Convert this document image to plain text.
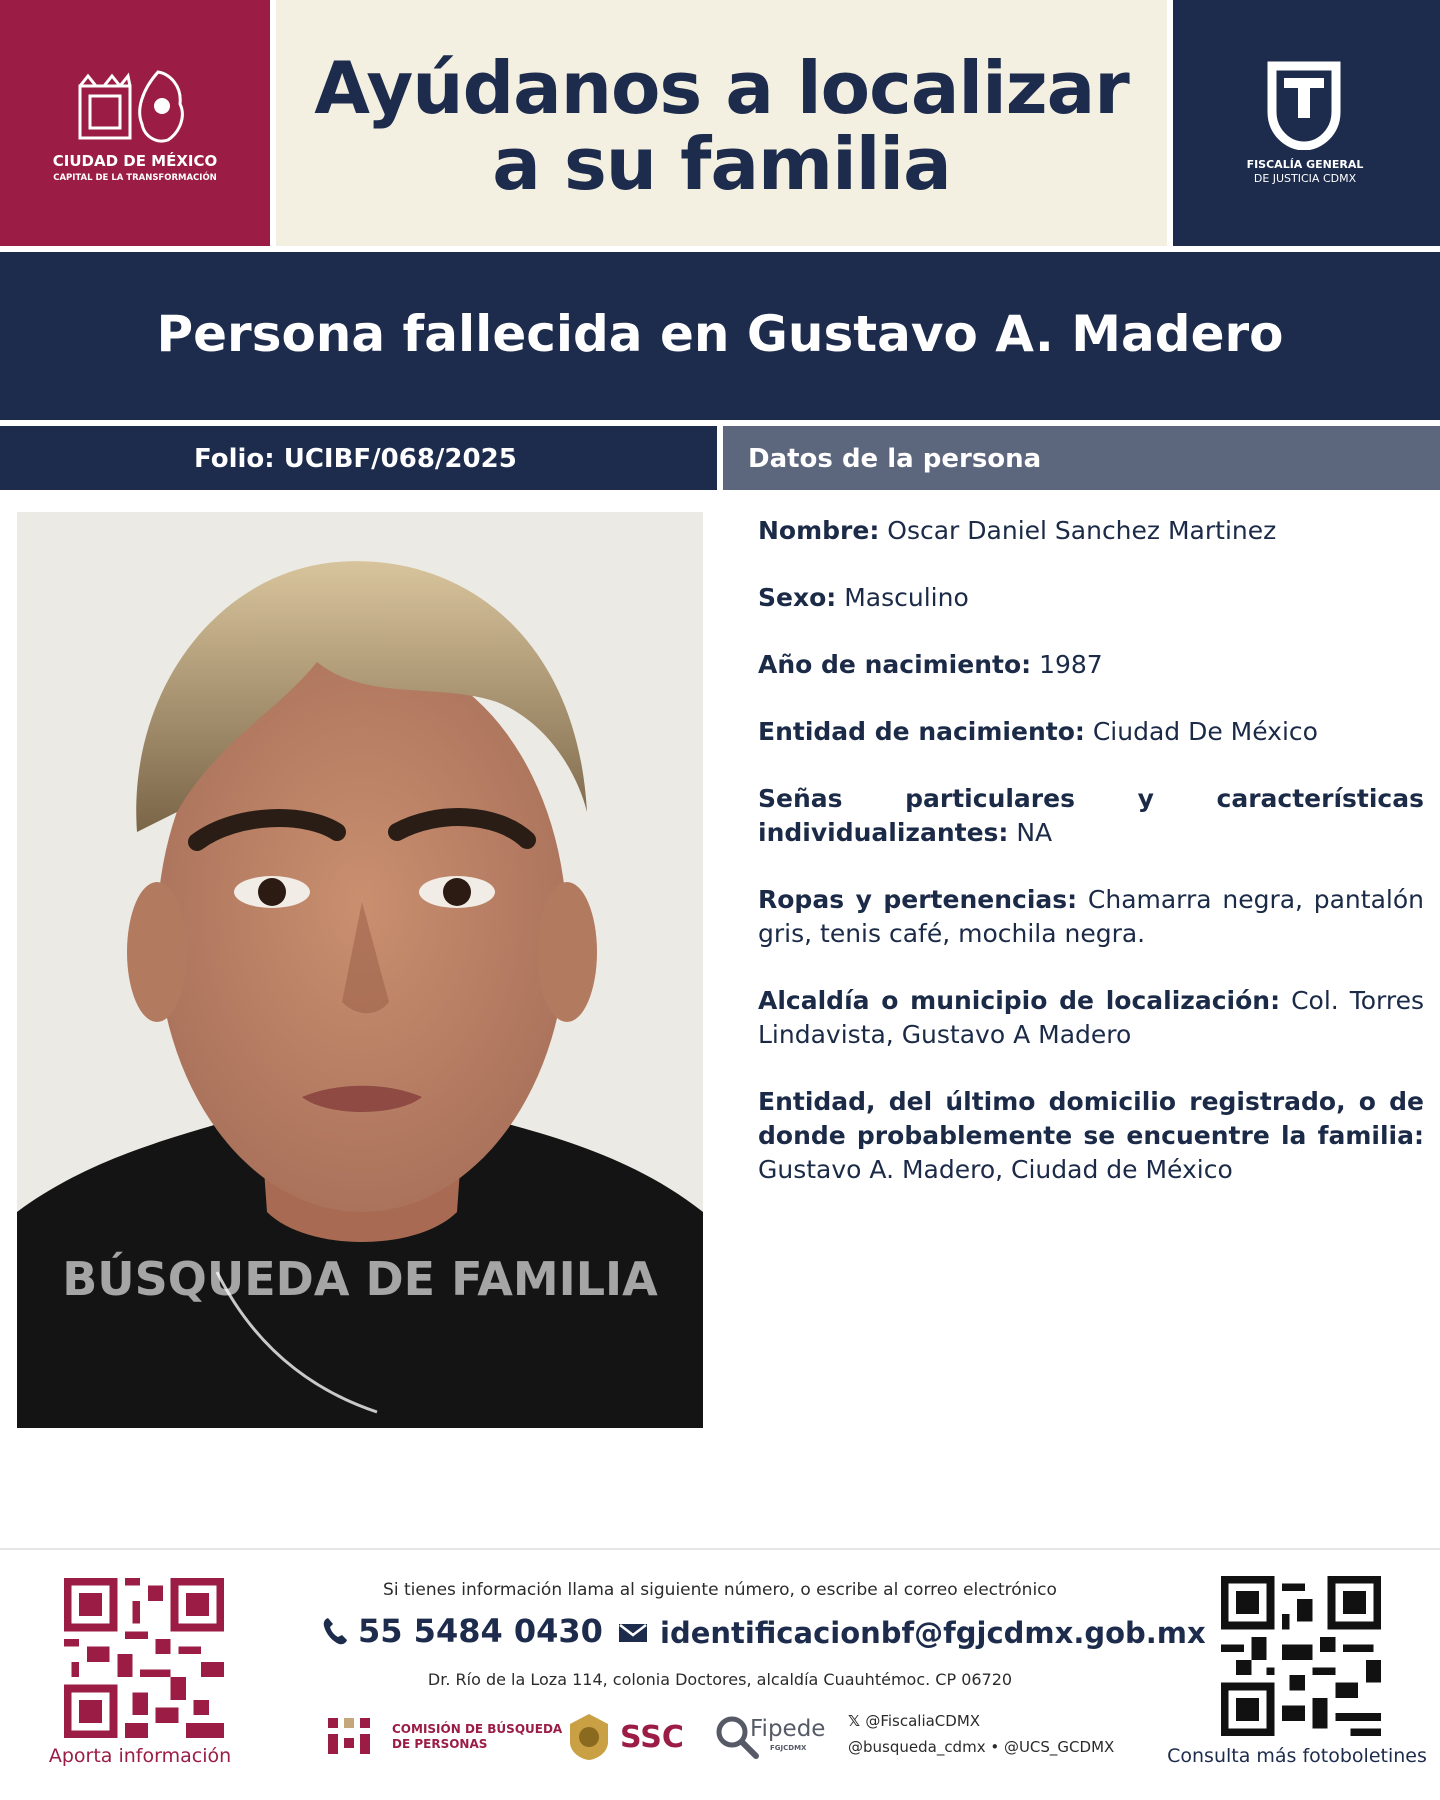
CIUDAD DE MÉXICO
CAPITAL DE LA TRANSFORMACIÓN
Ayúdanos a localizar
a su familia	FISCALÍA GENERAL
DE JUSTICIA CDMX
Persona fallecida en Gustavo A. Madero
Folio: UCIBF/068/2025	Datos de la persona
BÚSQUEDA DE FAMILIA
Nombre: Oscar Daniel Sanchez Martinez
Sexo: Masculino
Año de nacimiento: 1987
Entidad de nacimiento: Ciudad De México
Señas particulares y características individualizantes: NA
Ropas y pertenencias: Chamarra negra, pantalón gris, tenis café, mochila negra.
Alcaldía o municipio de localización: Col. Torres Lindavista, Gustavo A Madero
Entidad, del último domicilio registrado, o de donde probablemente se encuentre la familia: Gustavo A. Madero, Ciudad de México
Aporta información	Consulta más fotoboletines
Si tienes información llama al siguiente número, o escribe al correo electrónico
55 5484 0430 identificacionbf@fgjcdmx.gob.mx
Dr. Río de la Loza 114, colonia Doctores, alcaldía Cuauhtémoc. CP 06720
COMISIÓN DE BÚSQUEDA
DE PERSONAS	SSC	Fipede
FGJCDMX
𝕏 @FiscaliaCDMX
@busqueda_cdmx • @UCS_GCDMX
